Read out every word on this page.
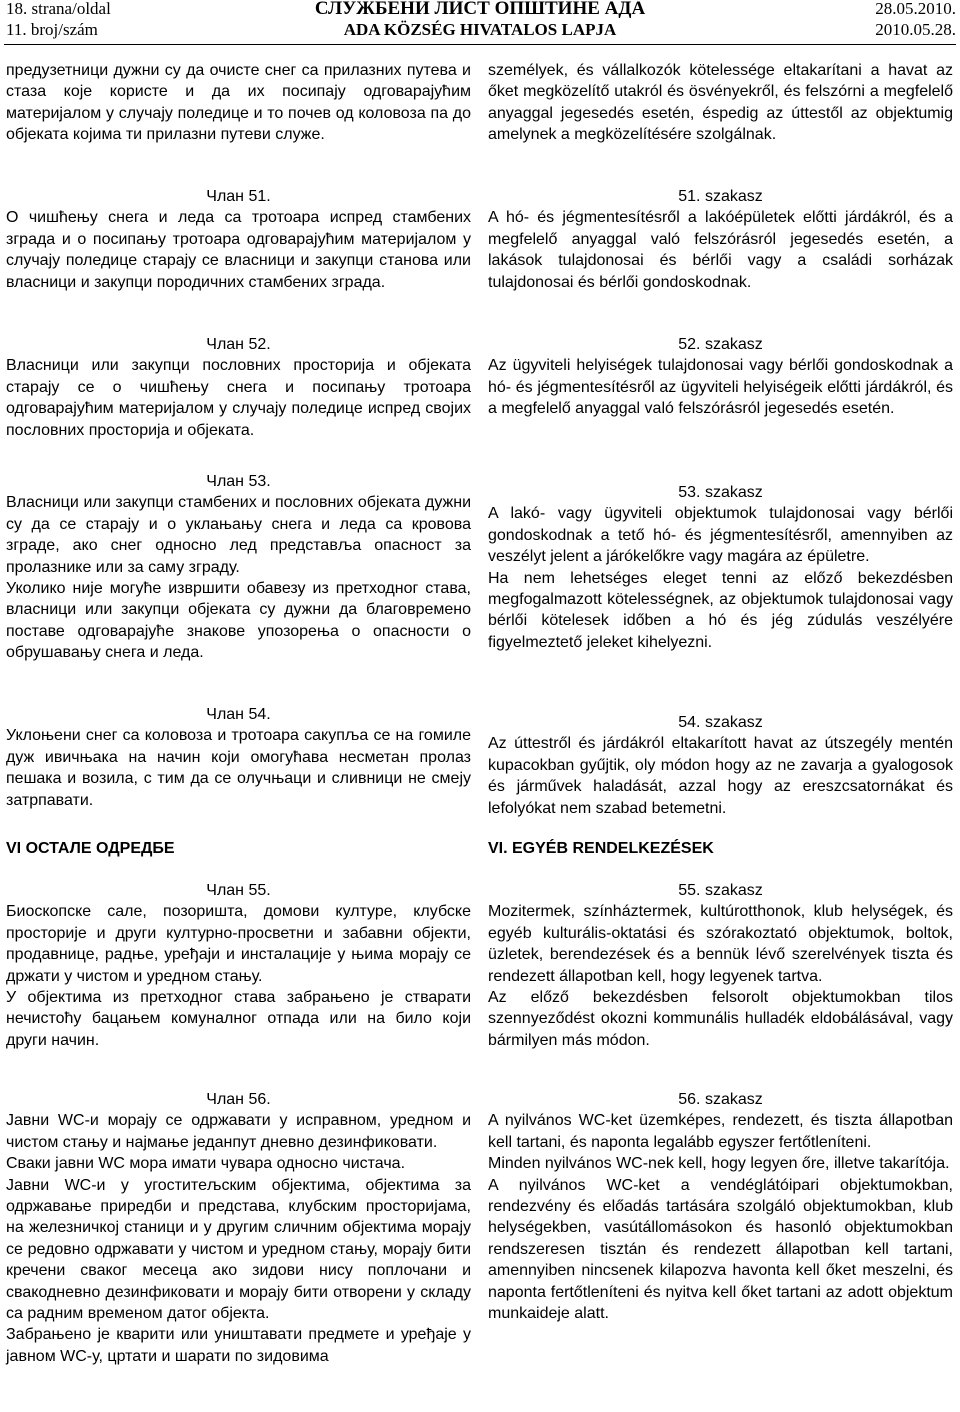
18. strana/oldal
11. broj/szám
СЛУЖБЕНИ ЛИСТ ОПШТИНЕ АДА
ADA KÖZSÉG HIVATALOS LAPJA
28.05.2010.
2010.05.28.

предузетници дужни су да очисте снег са прилазних путева и стаза које користе и да их посипају одговарајућим материјалом у случају поледице и то почев од коловоза па до објеката којима ти прилазни путеви служе.

Члан 51.

О чишћењу снега и леда са тротоара испред стамбених зграда и о посипању тротоара одговарајућим материјалом у случају поледице старају се власници и закупци станова или власници и закупци породичних стамбених зграда.

Члан 52.

Власници или закупци пословних просторија и објеката старају се о чишћењу снега и посипању тротоара одговарајућим материјалом у случају поледице испред својих пословних просторија и објеката.

Члан 53.

Власници или закупци стамбених и пословних објеката дужни су да се старају и о уклањању снега и леда са кровова зграде, ако снег односно лед представља опасност за пролазнике или за саму зграду.

Уколико није могуће извршити обавезу из претходног става, власници или закупци објеката су дужни да благовремено поставе одговарајуће знакове упозорења о опасности о обрушавању снега и леда.

Члан 54.

Уклоњени снег са коловоза и тротоара сакупља се на гомиле дуж ивичњака на начин који омогућава несметан пролаз пешака и возила, с тим да се олучњаци и сливници не смеју затрпавати.

VI ОСТАЛЕ ОДРЕДБЕ

Члан 55.

Биоскопске сале, позоришта, домови културе, клубске просторије и други културно-просветни и забавни објекти, продавнице, радње, уређаји и инсталације у њима морају се држати у чистом и уредном стању.

У објектима из претходног става забрањено је стварати нечистоћу бацањем комуналног отпада или на било који други начин.

Члан 56.

Јавни WC-и морају се одржавати у исправном, уредном и чистом стању и најмање једанпут дневно дезинфиковати.

Сваки јавни WC мора имати чувара односно чистача.

Јавни WC-и у угоститељским објектима, објектима за одржавање приредби и представа, клубским просторијама, на железничкој станици и у другим сличним објектима морају се редовно одржавати у чистом и уредном стању, морају бити кречени сваког месеца ако зидови нису поплочани и свакодневно дезинфиковати и морају бити отворени у складу са радним временом датог објекта.

Забрањено је кварити или уништавати предмете и уређаје у јавном WC-у, цртати и шарати по зидовима

személyek, és vállalkozók kötelessége eltakarítani a havat az őket megközelítő utakról és ösvényekről, és felszórni a megfelelő anyaggal jegesedés esetén, éspedig az úttestől az objektumig amelynek a megközelítésére szolgálnak.

51. szakasz

A hó- és jégmentesítésről a lakóépületek előtti járdákról, és a megfelelő anyaggal való felszórásról jegesedés esetén, a lakások tulajdonosai és bérlői vagy a családi sorházak tulajdonosai és bérlői gondoskodnak.

52. szakasz

Az ügyviteli helyiségek tulajdonosai vagy bérlői gondoskodnak a hó- és jégmentesítésről az ügyviteli helyiségeik előtti járdákról, és a megfelelő anyaggal való felszórásról jegesedés esetén.

53. szakasz

A lakó- vagy ügyviteli objektumok tulajdonosai vagy bérlői gondoskodnak a tető hó- és jégmentesítésről, amennyiben az veszélyt jelent a járókelőkre vagy magára az épületre.

Ha nem lehetséges eleget tenni az előző bekezdésben megfogalmazott kötelességnek, az objektumok tulajdonosai vagy bérlői kötelesek időben a hó és jég zúdulás veszélyére figyelmeztető jeleket kihelyezni.

54. szakasz

Az úttestről és járdákról eltakarított havat az útszegély mentén kupacokban gyűjtik, oly módon hogy az ne zavarja a gyalogosok és járművek haladását, azzal hogy az ereszcsatornákat és lefolyókat nem szabad betemetni.

VI. EGYÉB RENDELKEZÉSEK

55. szakasz

Mozitermek, színháztermek, kultúrotthonok, klub helységek, és egyéb kulturális-oktatási és szórakoztató objektumok, boltok, üzletek, berendezések és a bennük lévő szerelvények tiszta és rendezett állapotban kell, hogy legyenek tartva.

Az előző bekezdésben felsorolt objektumokban tilos szennyeződést okozni kommunális hulladék eldobálásával, vagy bármilyen más módon.

56. szakasz

A nyilvános WC-ket üzemképes, rendezett, és tiszta állapotban kell tartani, és naponta legalább egyszer fertőtleníteni.

Minden nyilvános WC-nek kell, hogy legyen őre, illetve takarítója.

A nyilvános WC-ket a vendéglátóipari objektumokban, rendezvény és előadás tartására szolgáló objektumokban, klub helységekben, vasútállomásokon és hasonló objektumokban rendszeresen tisztán és rendezett állapotban kell tartani, amennyiben nincsenek kilapozva havonta kell őket meszelni, és naponta fertőtleníteni és nyitva kell őket tartani az adott objektum munkaideje alatt.
